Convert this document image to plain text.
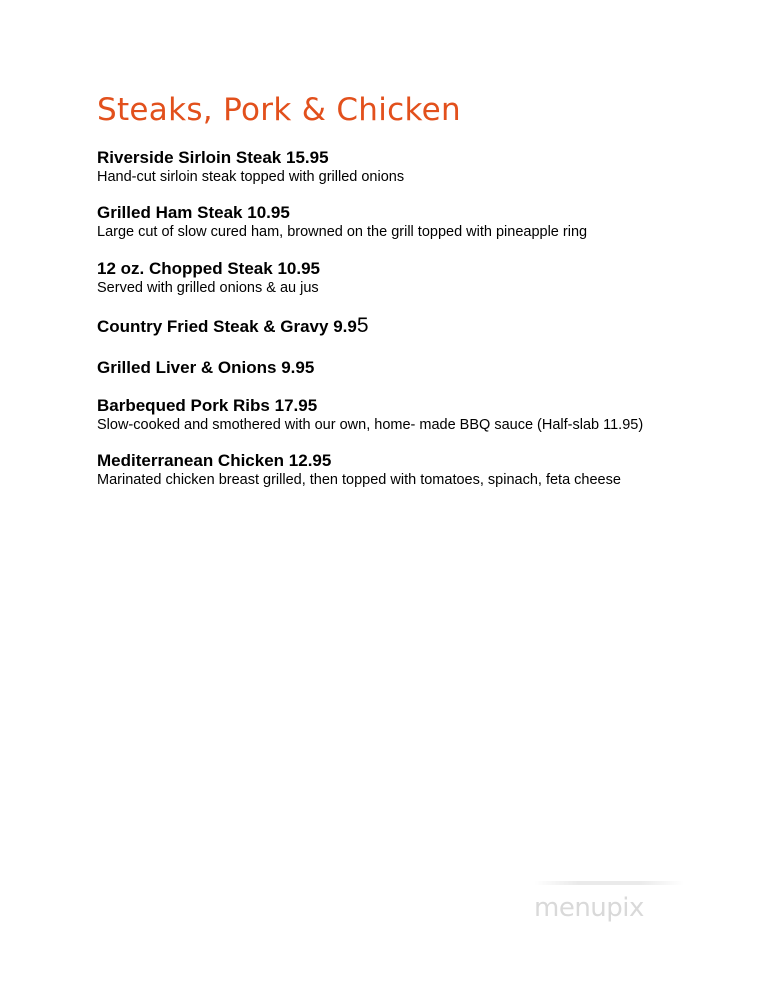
Steaks, Pork & Chicken
Riverside Sirloin Steak 15.95
Hand-cut sirloin steak topped with grilled onions
Grilled Ham Steak 10.95
Large cut of slow cured ham, browned on the grill topped with pineapple ring
12 oz. Chopped Steak 10.95
Served with grilled onions & au jus
Country Fried Steak & Gravy 9.95
Grilled Liver & Onions 9.95
Barbequed Pork Ribs 17.95
Slow-cooked and smothered with our own, home- made BBQ sauce (Half-slab 11.95)
Mediterranean Chicken 12.95
Marinated chicken breast grilled, then topped with tomatoes, spinach, feta cheese
menupix
